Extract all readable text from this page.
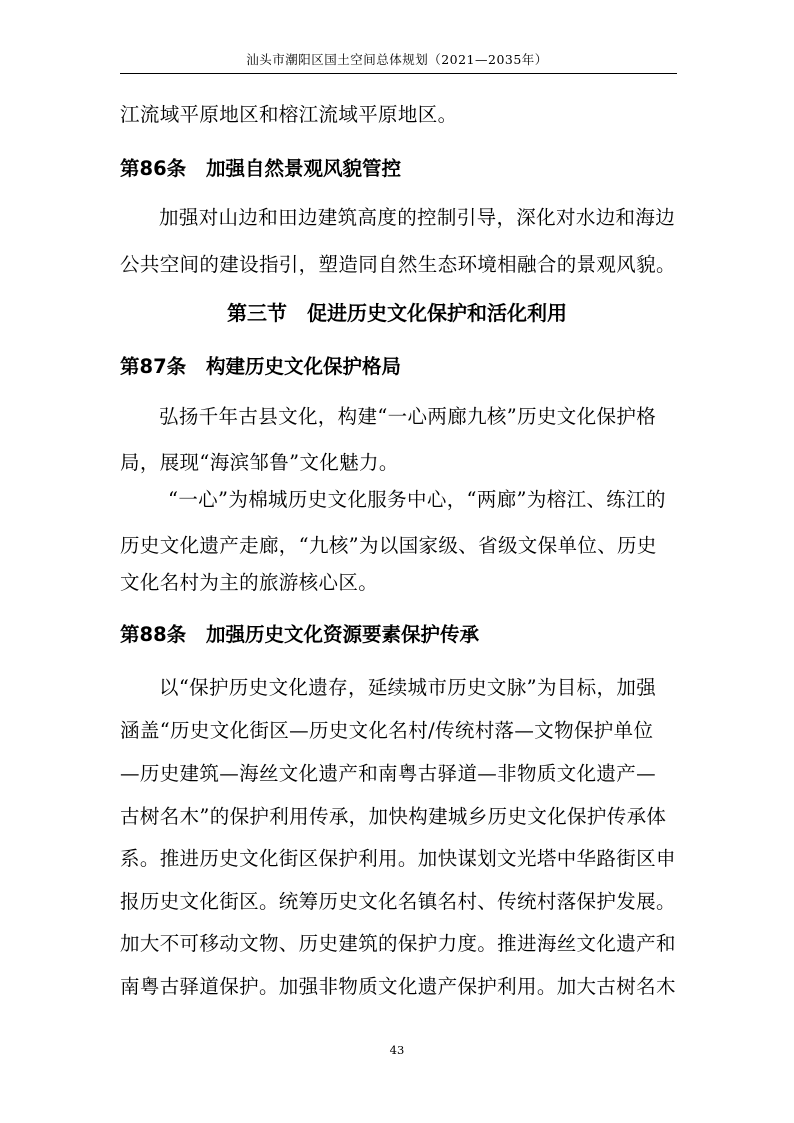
汕头市潮阳区国土空间总体规划（2021—2035年）
江流域平原地区和榕江流域平原地区。
第86条 加强自然景观风貌管控
加强对山边和田边建筑高度的控制引导，深化对水边和海边
公共空间的建设指引，塑造同自然生态环境相融合的景观风貌。
第三节　促进历史文化保护和活化利用
第87条 构建历史文化保护格局
弘扬千年古县文化，构建“一心两廊九核”历史文化保护格
局，展现“海滨邹鲁”文化魅力。
“一心”为棉城历史文化服务中心，“两廊”为榕江、练江的
历史文化遗产走廊，“九核”为以国家级、省级文保单位、历史
文化名村为主的旅游核心区。
第88条 加强历史文化资源要素保护传承
以“保护历史文化遗存，延续城市历史文脉”为目标，加强
涵盖“历史文化街区—历史文化名村/传统村落—文物保护单位
—历史建筑—海丝文化遗产和南粤古驿道—非物质文化遗产—
古树名木”的保护利用传承，加快构建城乡历史文化保护传承体
系。推进历史文化街区保护利用。加快谋划文光塔中华路街区申
报历史文化街区。统筹历史文化名镇名村、传统村落保护发展。
加大不可移动文物、历史建筑的保护力度。推进海丝文化遗产和
南粤古驿道保护。加强非物质文化遗产保护利用。加大古树名木
43
